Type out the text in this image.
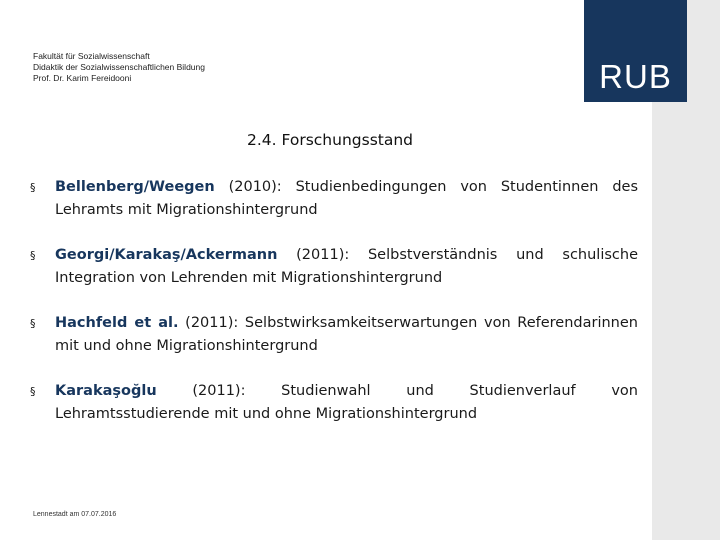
RUB
Fakultät für Sozialwissenschaft
Didaktik der Sozialwissenschaftlichen Bildung
Prof. Dr. Karim Fereidooni
2.4. Forschungsstand
§ Bellenberg/Weegen (2010): Studienbedingungen von Studentinnen des Lehramts mit Migrationshintergrund
§ Georgi/Karakaş/Ackermann (2011): Selbstverständnis und schulische Integration von Lehrenden mit Migrationshintergrund
§ Hachfeld et al. (2011): Selbstwirksamkeitserwartungen von Referendarinnen mit und ohne Migrationshintergrund
§ Karakaşoğlu (2011): Studienwahl und Studienverlauf von Lehramtsstudierende mit und ohne Migrationshintergrund
Lennestadt am 07.07.2016
